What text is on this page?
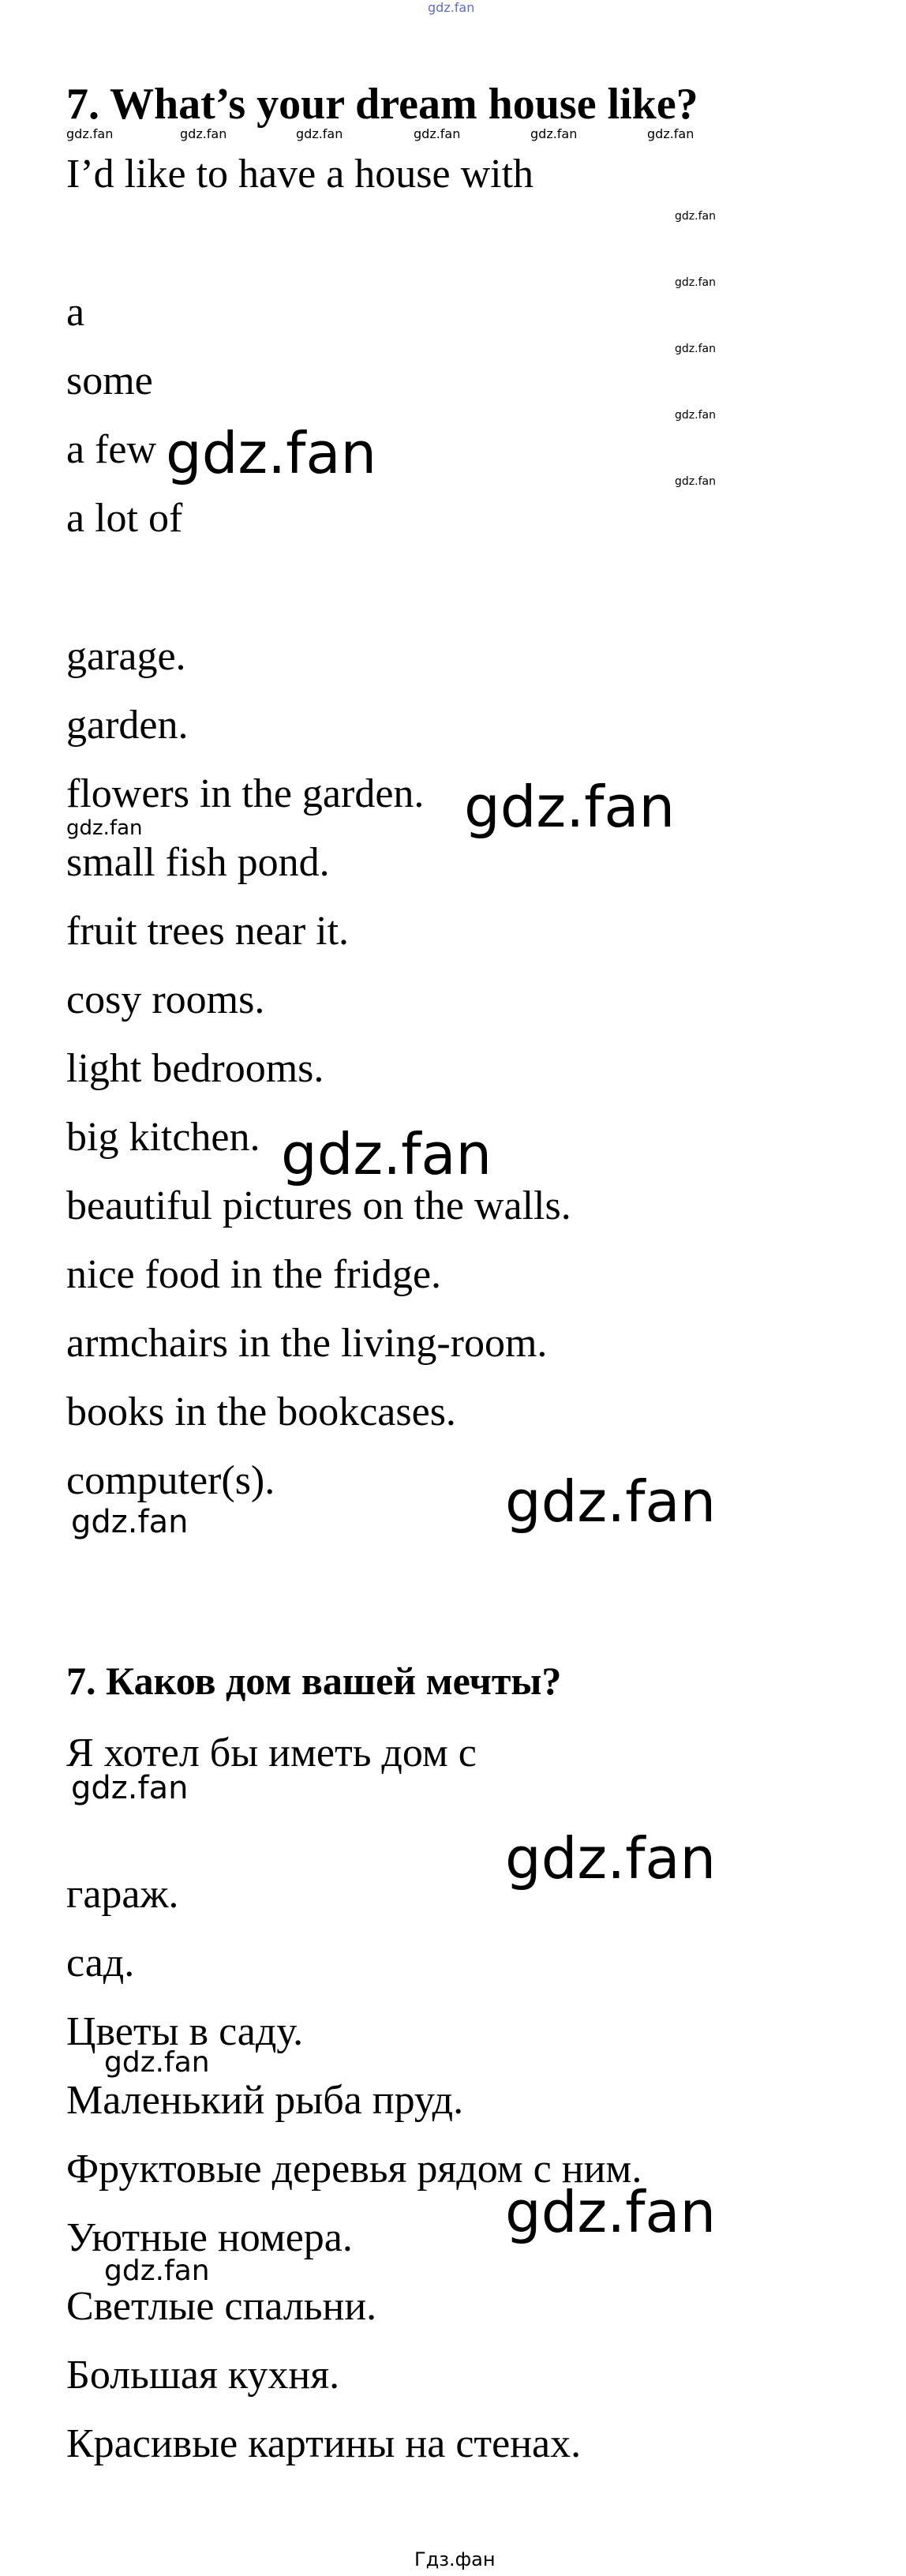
gdz.fan
7. What’s your dream house like?
gdz.fan	gdz.fan	gdz.fan	gdz.fan	gdz.fan	gdz.fan
I’d like to have a house with
gdz.fan
gdz.fan
gdz.fan
gdz.fan
gdz.fan
a
some
a few gdz.fan
a lot of
garage.
garden.
flowers in the garden. gdz.fan
gdz.fan
small fish pond.
fruit trees near it.
cosy rooms.
light bedrooms.
big kitchen. gdz.fan
beautiful pictures on the walls.
nice food in the fridge.
armchairs in the living-room.
books in the bookcases.
computer(s).	gdz.fan
gdz.fan
7. Каков дом вашей мечты?
Я хотел бы иметь дом с
gdz.fan
gdz.fan
гараж.
сад.
Цветы в саду.
gdz.fan
Маленький рыба пруд.
Фруктовые деревья рядом с ним.
gdz.fan
Уютные номера.
gdz.fan
Светлые спальни.
Большая кухня.
Красивые картины на стенах.
Гдз.фан
